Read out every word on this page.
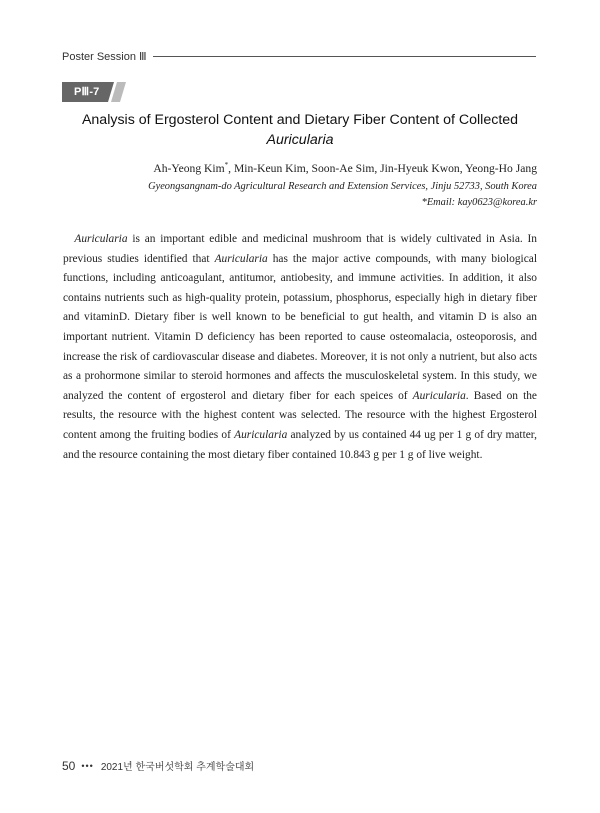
Poster Session Ⅲ
PⅢ-7
Analysis of Ergosterol Content and Dietary Fiber Content of Collected
Auricularia
Ah-Yeong Kim*, Min-Keun Kim, Soon-Ae Sim, Jin-Hyeuk Kwon, Yeong-Ho Jang
Gyeongsangnam-do Agricultural Research and Extension Services, Jinju 52733, South Korea
*Email: kay0623@korea.kr

 Auricularia is an important edible and medicinal mushroom that is widely cultivated in Asia. In previous studies identified that Auricularia has the major active compounds, with many biological functions, including anticoagulant, antitumor, antiobesity, and immune activities. In addition, it also contains nutrients such as high-quality protein, potassium, phosphorus, especially high in dietary fiber and vitaminD. Dietary fiber is well known to be beneficial to gut health, and vitamin D is also an important nutrient. Vitamin D deficiency has been reported to cause osteomalacia, osteoporosis, and increase the risk of cardiovascular disease and diabetes. Moreover, it is not only a nutrient, but also acts as a prohormone similar to steroid hormones and affects the musculoskeletal system. In this study, we analyzed the content of ergosterol and dietary fiber for each speices of Auricularia. Based on the results, the resource with the highest content was selected. The resource with the highest Ergosterol content among the fruiting bodies of Auricularia analyzed by us contained 44 ug per 1 g of dry matter, and the resource containing the most dietary fiber contained 10.843 g per 1 g of live weight.

50 ••• 2021년 한국버섯학회 추계학술대회
